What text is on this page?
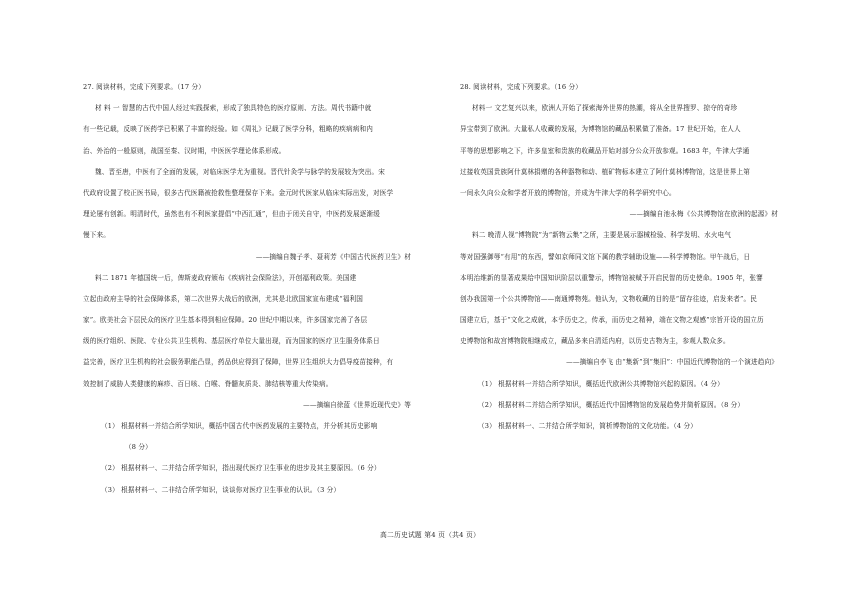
27. 阅读材料，完成下列要求。（17 分）
材 料 一 智慧的古代中国人经过实践探索，形成了独具特色的医疗原则、方法。周代书籍中就
有一些记载，反映了医药学已积累了丰富的经验。如《周礼》记载了医学分科，粗略的疾病病和内
治、外治的一般原则，战国至秦、汉时期，中医医学理论体系形成。
魏、晋至唐，中医有了全面的发展，对临床医学尤为重视。晋代针灸学与脉学的发展较为突出。宋
代政府设置了校正医书局，很多古代医籍被抢救性整理保存下来。金元时代医家从临床实际出发，对医学
理论屡有创新。明清时代，虽然也有不利医家提倡“中西汇通”，但由于闭关自守，中医药发展逐渐缓
慢下来。
——摘编自魏子孝、聂莉芳《中国古代医药卫生》材
料二 1871 年德国统一后，俾斯麦政府颁布《疾病社会保险法》，开创福利政策。美国建
立起由政府主导的社会保障体系，第二次世界大战后的欧洲，尤其是北欧国家宣布建成“福利国
家”。欧美社会下层民众的医疗卫生基本得到相应保障。20 世纪中期以来，许多国家完善了各层
级的医疗组织、医院、专业公共卫生机构、基层医疗单位大量出现，而为国家的医疗卫生服务体系日
益完善，医疗卫生机构的社会服务职能凸显，药品供应得到了保障，世界卫生组织大力倡导疫苗接种，有
效控制了威胁人类健康的麻疹、百日咳、白喉、脊髓灰质炎、肺结核等重大传染病。
——摘编自徐蓝《世界近现代史》等
（1） 根据材料一并结合所学知识，概括中国古代中医药发展的主要特点，并分析其历史影响
（8 分）
（2） 根据材料一、二并结合所学知识，指出现代医疗卫生事业的进步及其主要原因。（6 分）
（3） 根据材料一、二非结合所学知识，谈谈你对医疗卫生事业的认识。（3 分）
28. 阅读材料，完成下列要求。（16 分）
材料一 文艺复兴以来，欧洲人开始了探索海外世界的热潮，将从全世界搜罗、掠夺的奇珍
异宝带到了欧洲。大量私人收藏的发展，为博物馆的藏品积累做了准备。17 世纪开始，在人人
平等的思想影响之下，许多皇室和贵族的收藏品开始对部分公众开放参观。1683 年，牛津大学通
过接收英国贵族阿什莫林捐赠的各种器物和动、植矿物标本建立了阿什莫林博物馆，这是世界上第
一间永久向公众和学者开放的博物馆，并成为牛津大学的科学研究中心。
——摘编自池永梅《公共博物馆在欧洲的起源》材
料二 晚清人视“博物院”为“新物云集”之所，主要是展示器械检验、科学发明、水火电气
等对国强御辱“有用”的东西，譬如京师同文馆下属的教学辅助设施——科学博物馆。甲午战后，日
本明治维新的显著成果给中国知识阶层以重警示，博物馆被赋予开启民智的历史使命。1905 年，张謇
创办我国第一个公共博物馆——南通博物苑。他认为，文物收藏的目的是“留存往迹，启发来者”。民
国建立后，基于“文化之成就，本乎历史之，传承，而历史之精神，端在文物之观感”宗旨开设的国立历
史博物馆和故宫博物院相继成立，藏品多来自清廷内府，以历史古物为主，参观人数众多。
——摘编自李飞 由“集新”到“集旧”：中国近代博物馆的一个演进趋向》
（1） 根据材料一并结合所学知识，概括近代欧洲公共博物馆兴起的原因。（4 分）
（2） 根据材料二并结合所学知识，概括近代中国博物馆的发展趋势并简析原因。（8 分）
（3） 根据材料一、二并结合所学知识，简析博物馆的文化功能。（4 分）
高二历史试题 第4 页（共4 页）
